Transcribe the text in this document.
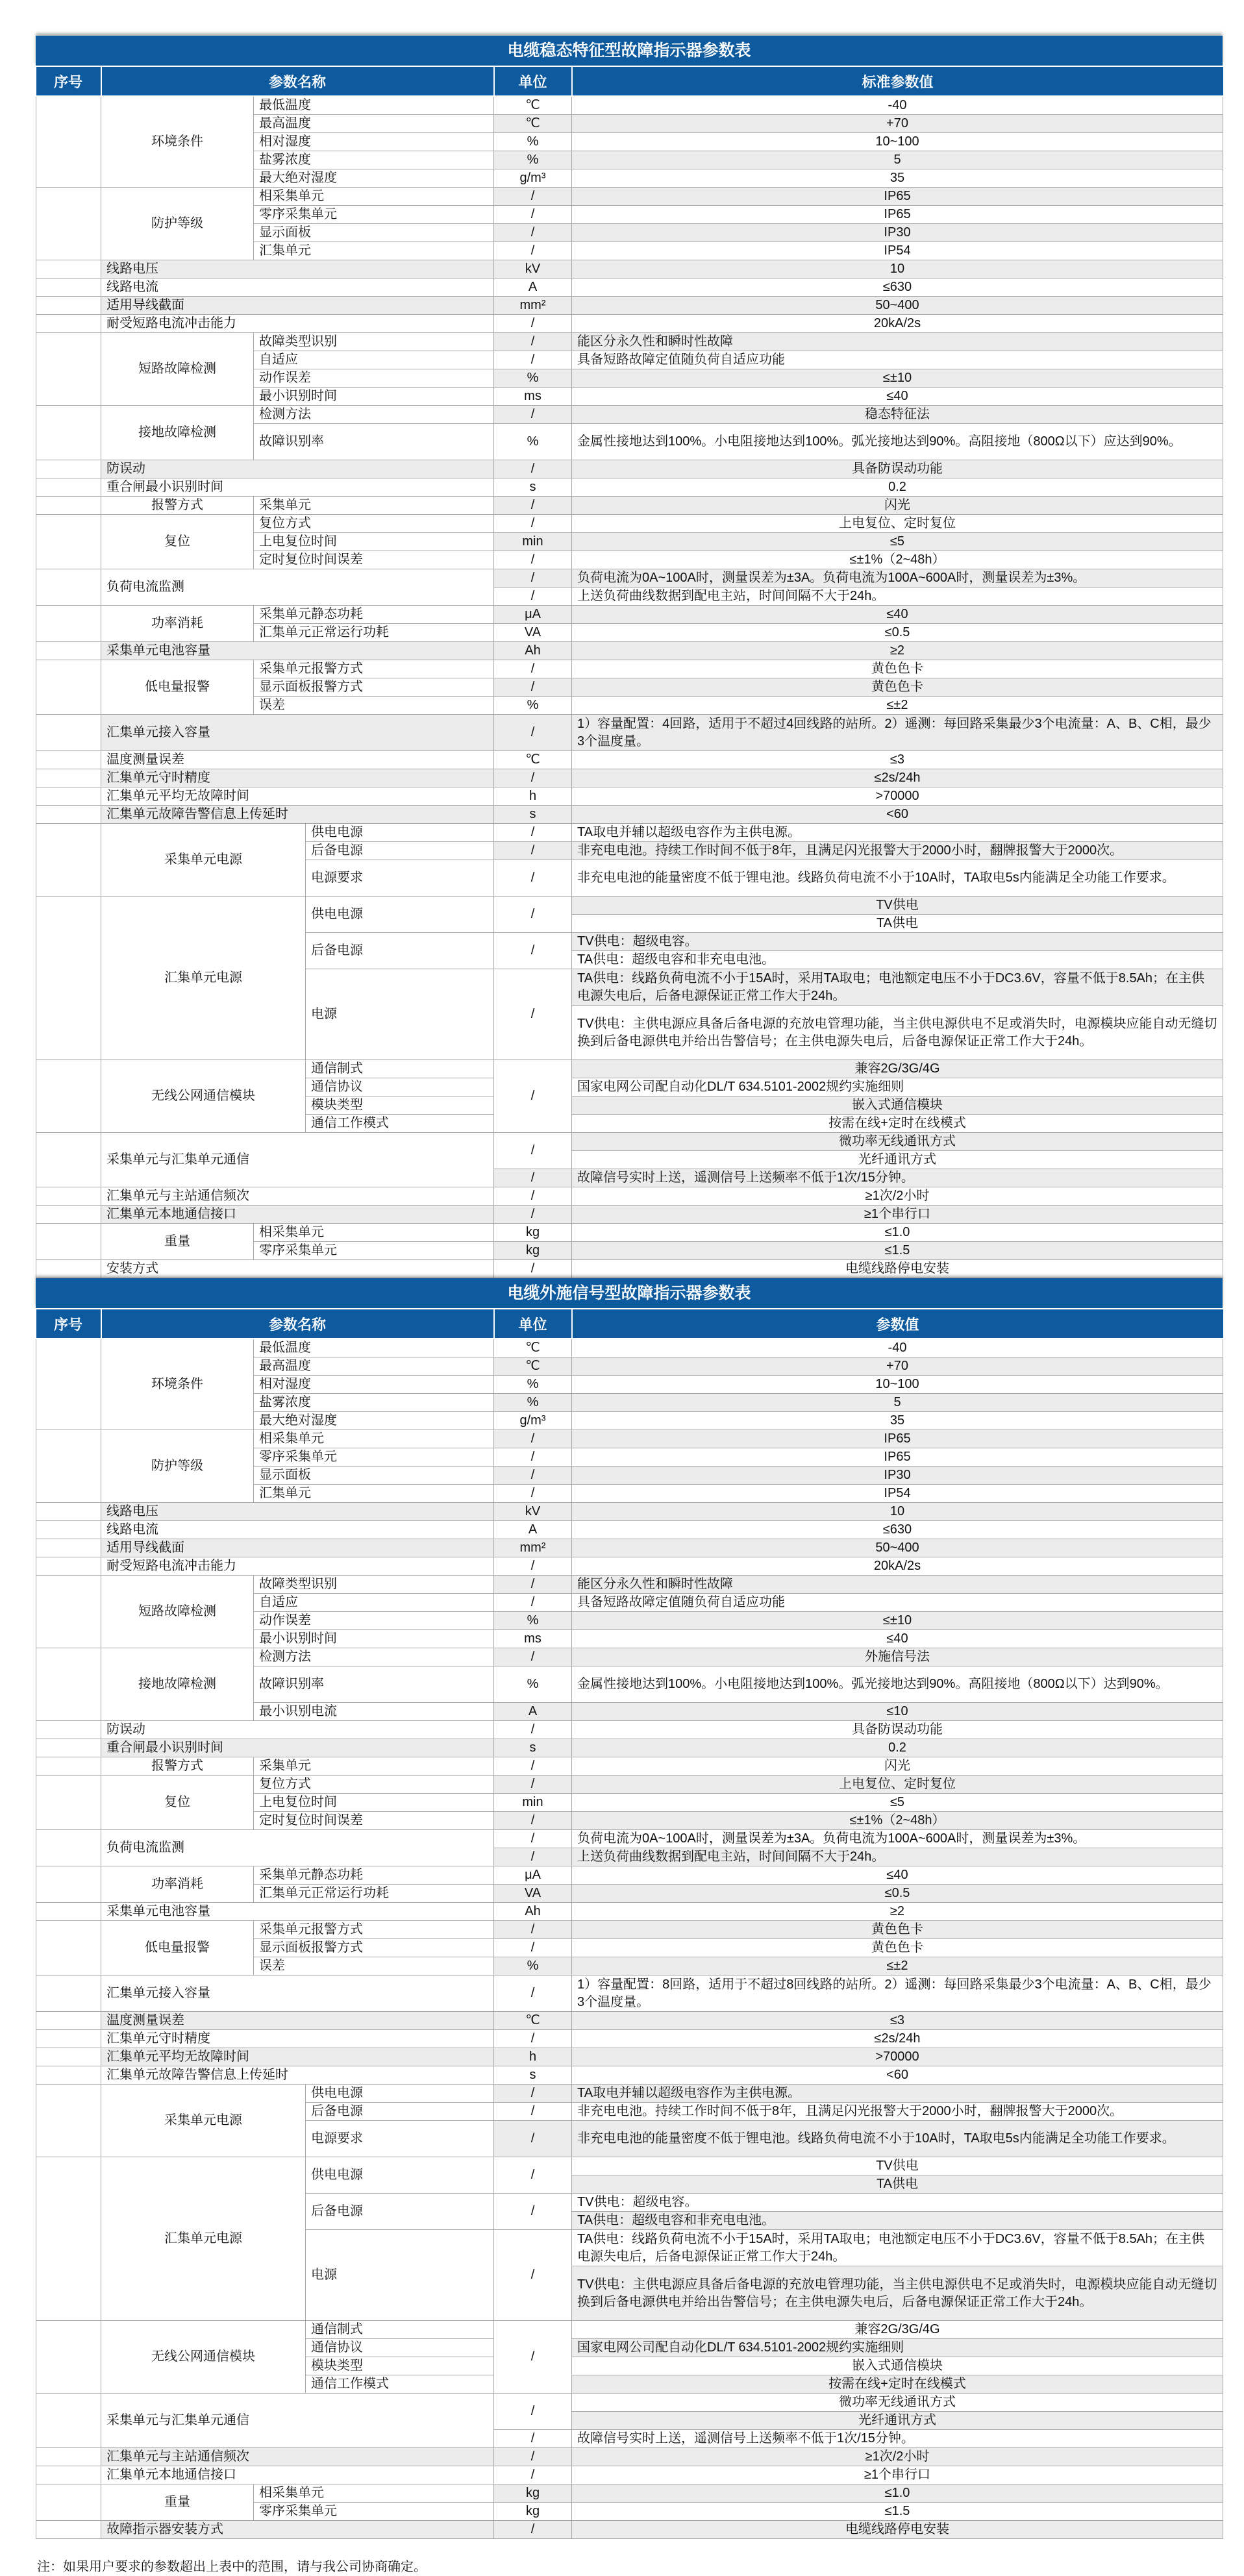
电缆稳态特征型故障指示器参数表
序号	参数名称			单位	标准参数值
1	环境条件	最低温度		℃	-40
		最高温度		℃	+70
		相对湿度		%	10~100
		盐雾浓度		%	5
		最大绝对湿度		g/m³	35
2	防护等级	相采集单元		/	IP65
		零序采集单元		/	IP65
		显示面板		/	IP30
		汇集单元		/	IP54
3	线路电压			kV	10
4	线路电流			A	≤630
5	适用导线截面			mm²	50~400
6	耐受短路电流冲击能力			/	20kA/2s
7	短路故障检测	故障类型识别		/	能区分永久性和瞬时性故障
		自适应		/	具备短路故障定值随负荷自适应功能
		动作误差		%	≤±10
		最小识别时间		ms	≤40
8	接地故障检测	检测方法		/	稳态特征法
		故障识别率		%	金属性接地达到100%。小电阻接地达到100%。弧光接地达到90%。高阻接地（800Ω以下）应达到90%。
9	防误动			/	具备防误动功能
10	重合闸最小识别时间			s	0.2
11	报警方式	采集单元		/	闪光
12	复位	复位方式		/	上电复位、定时复位
		上电复位时间		min	≤5
		定时复位时间误差		/	≤±1%（2~48h）
13	负荷电流监测			/	负荷电流为0A~100A时，测量误差为±3A。负荷电流为100A~600A时，测量误差为±3%。
				/	上送负荷曲线数据到配电主站，时间间隔不大于24h。
14	功率消耗	采集单元静态功耗		μA	≤40
		汇集单元正常运行功耗		VA	≤0.5
15	采集单元电池容量			Ah	≥2
16	低电量报警	采集单元报警方式		/	黄色色卡
		显示面板报警方式		/	黄色色卡
		误差		%	≤±2
17	汇集单元接入容量			/	1）容量配置：4回路，适用于不超过4回线路的站所。2）遥测：每回路采集最少3个电流量：A、B、C相，最少3个温度量。
18	温度测量误差			℃	≤3
19	汇集单元守时精度			/	≤2s/24h
20	汇集单元平均无故障时间			h	>70000
21	汇集单元故障告警信息上传延时			s	<60
22	采集单元电源		供电电源	/	TA取电并辅以超级电容作为主供电源。
			后备电源	/	非充电电池。持续工作时间不低于8年，且满足闪光报警大于2000小时，翻牌报警大于2000次。
			电源要求	/	非充电电池的能量密度不低于锂电池。线路负荷电流不小于10A时，TA取电5s内能满足全功能工作要求。
23	汇集单元电源		供电电源	/	TV供电
					TA供电
			后备电源	/	TV供电：超级电容。
					TA供电：超级电容和非充电电池。
			电源	/	TA供电：线路负荷电流不小于15A时，采用TA取电；电池额定电压不小于DC3.6V，容量不低于8.5Ah；在主供电源失电后，后备电源保证正常工作大于24h。
					TV供电：主供电源应具备后备电源的充放电管理功能，当主供电源供电不足或消失时，电源模块应能自动无缝切换到后备电源供电并给出告警信号；在主供电源失电后，后备电源保证正常工作大于24h。
24	无线公网通信模块		通信制式	/	兼容2G/3G/4G
			通信协议		国家电网公司配自动化DL/T 634.5101-2002规约实施细则
			模块类型		嵌入式通信模块
			通信工作模式		按需在线+定时在线模式
25	采集单元与汇集单元通信			/	微功率无线通讯方式
					光纤通讯方式
				/	故障信号实时上送，遥测信号上送频率不低于1次/15分钟。
26	汇集单元与主站通信频次			/	≥1次/2小时
27	汇集单元本地通信接口			/	≥1个串行口
28	重量	相采集单元		kg	≤1.0
		零序采集单元		kg	≤1.5
39	安装方式			/	电缆线路停电安装
电缆外施信号型故障指示器参数表
序号	参数名称			单位	参数值
1	环境条件	最低温度		℃	-40
		最高温度		℃	+70
		相对湿度		%	10~100
		盐雾浓度		%	5
		最大绝对湿度		g/m³	35
2	防护等级	相采集单元		/	IP65
		零序采集单元		/	IP65
		显示面板		/	IP30
		汇集单元		/	IP54
3	线路电压			kV	10
4	线路电流			A	≤630
5	适用导线截面			mm²	50~400
6	耐受短路电流冲击能力			/	20kA/2s
7	短路故障检测	故障类型识别		/	能区分永久性和瞬时性故障
		自适应		/	具备短路故障定值随负荷自适应功能
		动作误差		%	≤±10
		最小识别时间		ms	≤40
8	接地故障检测	检测方法		/	外施信号法
		故障识别率		%	金属性接地达到100%。小电阻接地达到100%。弧光接地达到90%。高阻接地（800Ω以下）达到90%。
		最小识别电流		A	≤10
9	防误动			/	具备防误动功能
10	重合闸最小识别时间			s	0.2
11	报警方式	采集单元		/	闪光
12	复位	复位方式		/	上电复位、定时复位
		上电复位时间		min	≤5
		定时复位时间误差		/	≤±1%（2~48h）
13	负荷电流监测			/	负荷电流为0A~100A时，测量误差为±3A。负荷电流为100A~600A时，测量误差为±3%。
				/	上送负荷曲线数据到配电主站，时间间隔不大于24h。
14	功率消耗	采集单元静态功耗		μA	≤40
		汇集单元正常运行功耗		VA	≤0.5
15	采集单元电池容量			Ah	≥2
16	低电量报警	采集单元报警方式		/	黄色色卡
		显示面板报警方式		/	黄色色卡
		误差		%	≤±2
17	汇集单元接入容量			/	1）容量配置：8回路，适用于不超过8回线路的站所。2）遥测：每回路采集最少3个电流量：A、B、C相，最少3个温度量。
18	温度测量误差			℃	≤3
19	汇集单元守时精度			/	≤2s/24h
20	汇集单元平均无故障时间			h	>70000
21	汇集单元故障告警信息上传延时			s	<60
22	采集单元电源		供电电源	/	TA取电并辅以超级电容作为主供电源。
			后备电源	/	非充电电池。持续工作时间不低于8年，且满足闪光报警大于2000小时，翻牌报警大于2000次。
			电源要求	/	非充电电池的能量密度不低于锂电池。线路负荷电流不小于10A时，TA取电5s内能满足全功能工作要求。
23	汇集单元电源		供电电源	/	TV供电
					TA供电
			后备电源	/	TV供电：超级电容。
					TA供电：超级电容和非充电电池。
			电源	/	TA供电：线路负荷电流不小于15A时，采用TA取电；电池额定电压不小于DC3.6V，容量不低于8.5Ah；在主供电源失电后，后备电源保证正常工作大于24h。
					TV供电：主供电源应具备后备电源的充放电管理功能，当主供电源供电不足或消失时，电源模块应能自动无缝切换到后备电源供电并给出告警信号；在主供电源失电后，后备电源保证正常工作大于24h。
24	无线公网通信模块		通信制式	/	兼容2G/3G/4G
			通信协议		国家电网公司配自动化DL/T 634.5101-2002规约实施细则
			模块类型		嵌入式通信模块
			通信工作模式		按需在线+定时在线模式
25	采集单元与汇集单元通信			/	微功率无线通讯方式
					光纤通讯方式
				/	故障信号实时上送，遥测信号上送频率不低于1次/15分钟。
26	汇集单元与主站通信频次			/	≥1次/2小时
27	汇集单元本地通信接口			/	≥1个串行口
28	重量	相采集单元		kg	≤1.0
		零序采集单元		kg	≤1.5
39	故障指示器安装方式			/	电缆线路停电安装
注：如果用户要求的参数超出上表中的范围，请与我公司协商确定。
